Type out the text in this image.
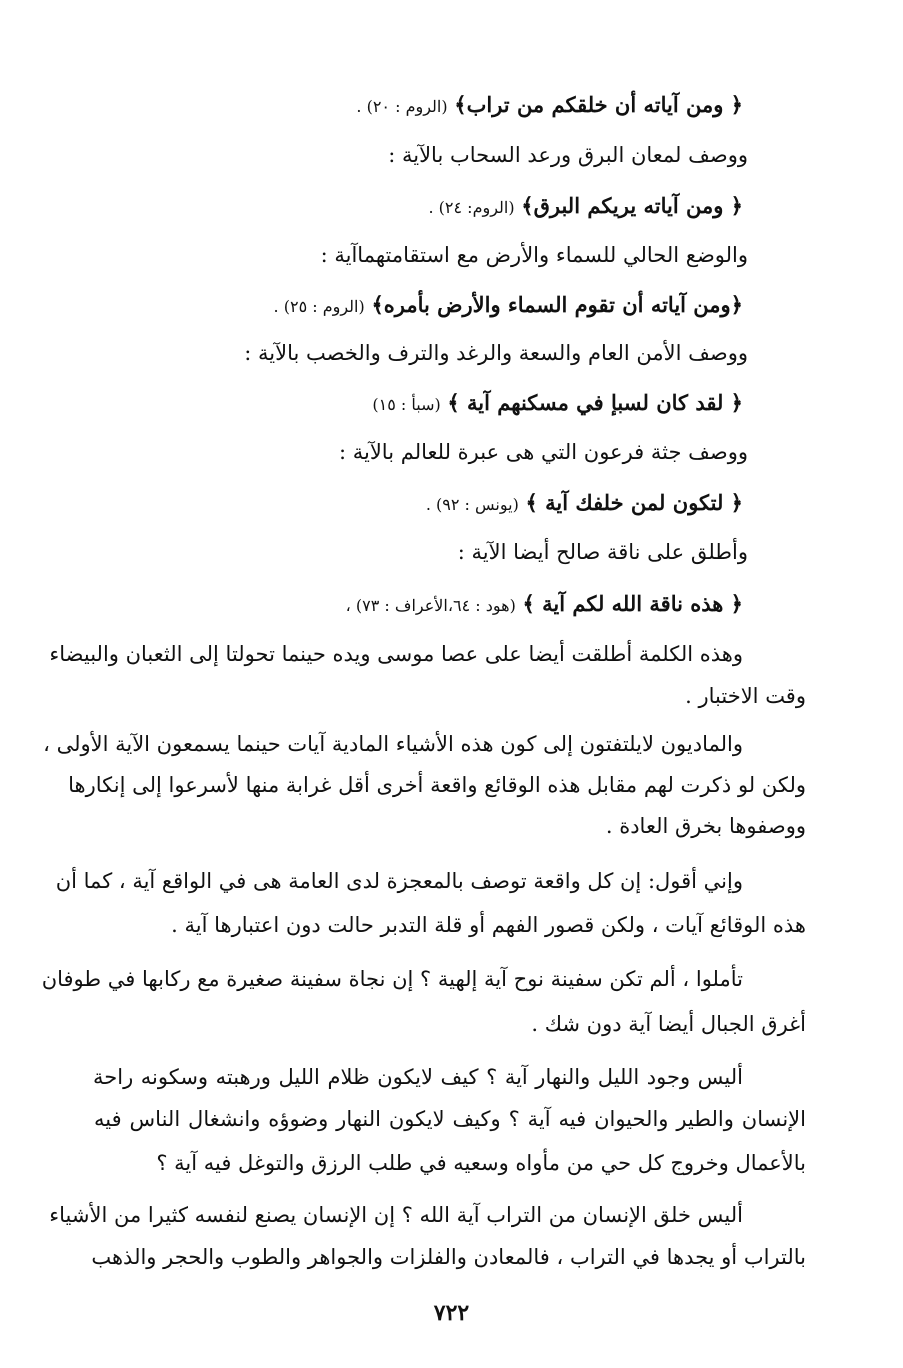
﴿ ومن آياته أن خلقكم من تراب﴾ (الروم : ٢٠) .
ووصف لمعان البرق ورعد السحاب بالآية :
﴿ ومن آياته يريكم البرق﴾ (الروم: ٢٤) .
والوضع الحالي للسماء والأرض مع استقامتهماآية :
﴿ومن آياته أن تقوم السماء والأرض بأمره﴾ (الروم : ٢٥) .
ووصف الأمن العام والسعة والرغد والترف والخصب بالآية :
﴿ لقد كان لسبإ في مسكنهم آية ﴾ (سبأ : ١٥)
ووصف جثة فرعون التي هى عبرة للعالم بالآية :
﴿ لتكون لمن خلفك آية ﴾ (يونس : ٩٢) .
وأطلق على ناقة صالح أيضا الآية :
﴿ هذه ناقة الله لكم آية ﴾ (هود : ٦٤،الأعراف : ٧٣) ،
وهذه الكلمة أطلقت أيضا على عصا موسى ويده حينما تحولتا إلى الثعبان والبيضاء
وقت الاختبار .
والماديون لايلتفتون إلى كون هذه الأشياء المادية آيات حينما يسمعون الآية الأولى ،
ولكن لو ذكرت لهم مقابل هذه الوقائع واقعة أخرى أقل غرابة منها لأسرعوا إلى إنكارها
ووصفوها بخرق العادة .
وإني أقول: إن كل واقعة توصف بالمعجزة لدى العامة هى في الواقع آية ، كما أن
هذه الوقائع آيات ، ولكن قصور الفهم أو قلة التدبر حالت دون اعتبارها آية .
تأملوا ، ألم تكن سفينة نوح آية إلهية ؟ إن نجاة سفينة صغيرة مع ركابها في طوفان
أغرق الجبال أيضا آية دون شك .
أليس وجود الليل والنهار آية ؟ كيف لايكون ظلام الليل ورهبته وسكونه راحة
الإنسان والطير والحيوان فيه آية ؟ وكيف لايكون النهار وضوؤه وانشغال الناس فيه
بالأعمال وخروج كل حي من مأواه وسعيه في طلب الرزق والتوغل فيه آية ؟
أليس خلق الإنسان من التراب آية الله ؟ إن الإنسان يصنع لنفسه كثيرا من الأشياء
بالتراب أو يجدها في التراب ، فالمعادن والفلزات والجواهر والطوب والحجر والذهب
٧٢٢
